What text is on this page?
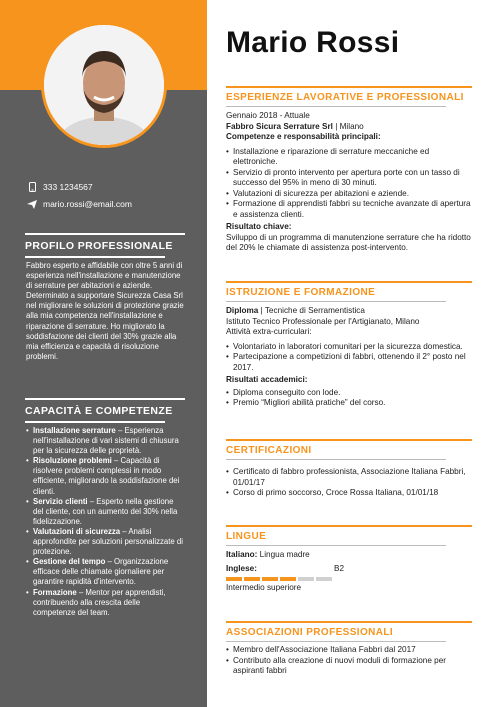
333 1234567
mario.rossi@email.com
PROFILO PROFESSIONALE
Fabbro esperto e affidabile con oltre 5 anni di esperienza nell'installazione e manutenzione di serrature per abitazioni e aziende. Determinato a supportare Sicurezza Casa Srl nel migliorare le soluzioni di protezione grazie alla mia competenza nell'installazione e riparazione di serrature. Ho migliorato la soddisfazione dei clienti del 30% grazie alla mia efficienza e capacità di risoluzione problemi.
CAPACITÀ E COMPETENZE
• Installazione serrature – Esperienza nell'installazione di vari sistemi di chiusura per la sicurezza delle proprietà.
• Risoluzione problemi – Capacità di risolvere problemi complessi in modo efficiente, migliorando la soddisfazione dei clienti.
• Servizio clienti – Esperto nella gestione del cliente, con un aumento del 30% nella fidelizzazione.
• Valutazioni di sicurezza – Analisi approfondite per soluzioni personalizzate di protezione.
• Gestione del tempo – Organizzazione efficace delle chiamate giornaliere per garantire rapidità d'intervento.
• Formazione – Mentor per apprendisti, contribuendo alla crescita delle competenze del team.
Mario Rossi
ESPERIENZE LAVORATIVE E PROFESSIONALI
Gennaio 2018 - Attuale
Fabbro Sicura Serrature Srl | Milano
Competenze e responsabilità principali:
• Installazione e riparazione di serrature meccaniche ed elettroniche.
• Servizio di pronto intervento per apertura porte con un tasso di successo del 95% in meno di 30 minuti.
• Valutazioni di sicurezza per abitazioni e aziende.
• Formazione di apprendisti fabbri su tecniche avanzate di apertura e assistenza clienti.
Risultato chiave:
Sviluppo di un programma di manutenzione serrature che ha ridotto del 20% le chiamate di assistenza post-intervento.
ISTRUZIONE E FORMAZIONE
Diploma | Tecniche di Serramentistica
Istituto Tecnico Professionale per l'Artigianato, Milano
Attività extra-curriculari:
• Volontariato in laboratori comunitari per la sicurezza domestica.
• Partecipazione a competizioni di fabbri, ottenendo il 2° posto nel 2017.
Risultati accademici:
• Diploma conseguito con lode.
• Premio “Migliori abilità pratiche” del corso.
CERTIFICAZIONI
• Certificato di fabbro professionista, Associazione Italiana Fabbri, 01/01/17
• Corso di primo soccorso, Croce Rossa Italiana, 01/01/18
LINGUE
Italiano: Lingua madre
Inglese:	B2
Intermedio superiore
ASSOCIAZIONI PROFESSIONALI
• Membro dell'Associazione Italiana Fabbri dal 2017
• Contributo alla creazione di nuovi moduli di formazione per aspiranti fabbri
